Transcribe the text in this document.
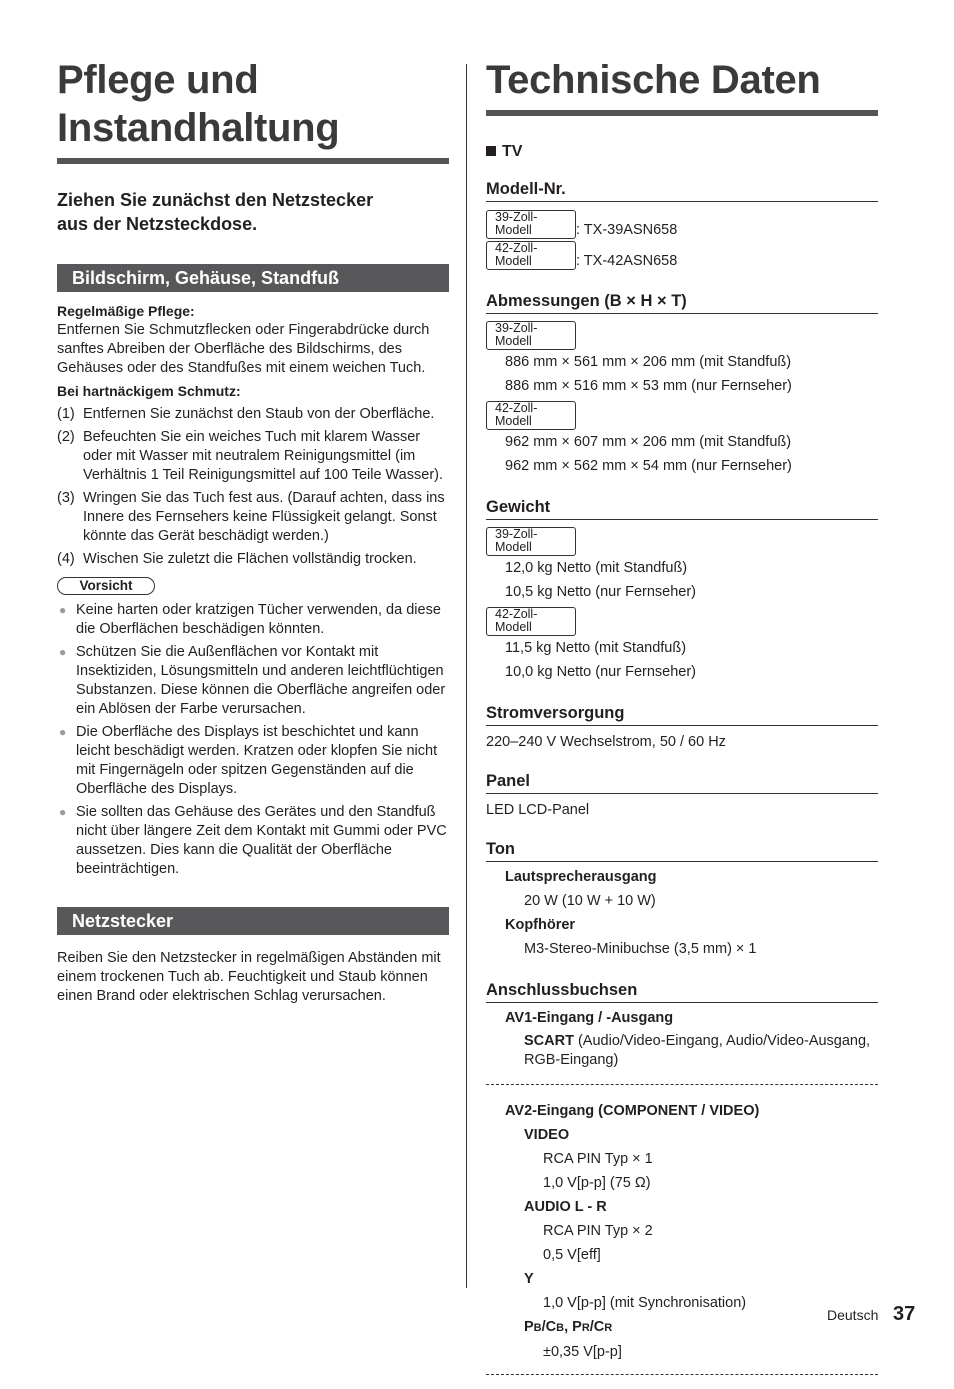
Pflege und
Instandhaltung
Ziehen Sie zunächst den Netzstecker
aus der Netzsteckdose.
Bildschirm, Gehäuse, Standfuß
Regelmäßige Pflege:

Entfernen Sie Schmutzflecken oder Fingerabdrücke durch sanftes Abreiben der Oberfläche des Bildschirms, des Gehäuses oder des Standfußes mit einem weichen Tuch.

Bei hartnäckigem Schmutz:
(1) Entfernen Sie zunächst den Staub von der Oberfläche.
(2) Befeuchten Sie ein weiches Tuch mit klarem Wasser oder mit Wasser mit neutralem Reinigungsmittel (im Verhältnis 1 Teil Reinigungsmittel auf 100 Teile Wasser).
(3) Wringen Sie das Tuch fest aus. (Darauf achten, dass ins Innere des Fernsehers keine Flüssigkeit gelangt. Sonst könnte das Gerät beschädigt werden.)
(4) Wischen Sie zuletzt die Flächen vollständig trocken.
Vorsicht
● Keine harten oder kratzigen Tücher verwenden, da diese die Oberflächen beschädigen könnten.
● Schützen Sie die Außenflächen vor Kontakt mit Insektiziden, Lösungsmitteln und anderen leichtflüchtigen Substanzen. Diese können die Oberfläche angreifen oder ein Ablösen der Farbe verursachen.
● Die Oberfläche des Displays ist beschichtet und kann leicht beschädigt werden. Kratzen oder klopfen Sie nicht mit Fingernägeln oder spitzen Gegenständen auf die Oberfläche des Displays.
● Sie sollten das Gehäuse des Gerätes und den Standfuß nicht über längere Zeit dem Kontakt mit Gummi oder PVC aussetzen. Dies kann die Qualität der Oberfläche beeinträchtigen.
Netzstecker

Reiben Sie den Netzstecker in regelmäßigen Abständen mit einem trockenen Tuch ab. Feuchtigkeit und Staub können einen Brand oder elektrischen Schlag verursachen.

Technische Daten
TV
Modell-Nr.
39-Zoll-Modell	: TX-39ASN658
42-Zoll-Modell	: TX-42ASN658
Abmessungen (B × H × T)
39-Zoll-Modell
886 mm × 561 mm × 206 mm (mit Standfuß)
886 mm × 516 mm × 53 mm (nur Fernseher)
42-Zoll-Modell
962 mm × 607 mm × 206 mm (mit Standfuß)
962 mm × 562 mm × 54 mm (nur Fernseher)
Gewicht
39-Zoll-Modell
12,0 kg Netto (mit Standfuß)
10,5 kg Netto (nur Fernseher)
42-Zoll-Modell
11,5 kg Netto (mit Standfuß)
10,0 kg Netto (nur Fernseher)
Stromversorgung
220–240 V Wechselstrom, 50 / 60 Hz
Panel
LED LCD-Panel
Ton
Lautsprecherausgang
20 W (10 W + 10 W)
Kopfhörer
M3-Stereo-Minibuchse (3,5 mm) × 1
Anschlussbuchsen
AV1-Eingang / -Ausgang
SCART (Audio/Video-Eingang, Audio/Video-Ausgang, RGB-Eingang)
AV2-Eingang (COMPONENT / VIDEO)
VIDEO
RCA PIN Typ × 1
1,0 V[p-p] (75 Ω)
AUDIO L - R
RCA PIN Typ × 2
0,5 V[eff]
Y
1,0 V[p-p] (mit Synchronisation)
PB/CB, PR/CR
±0,35 V[p-p]
Deutsch 37
